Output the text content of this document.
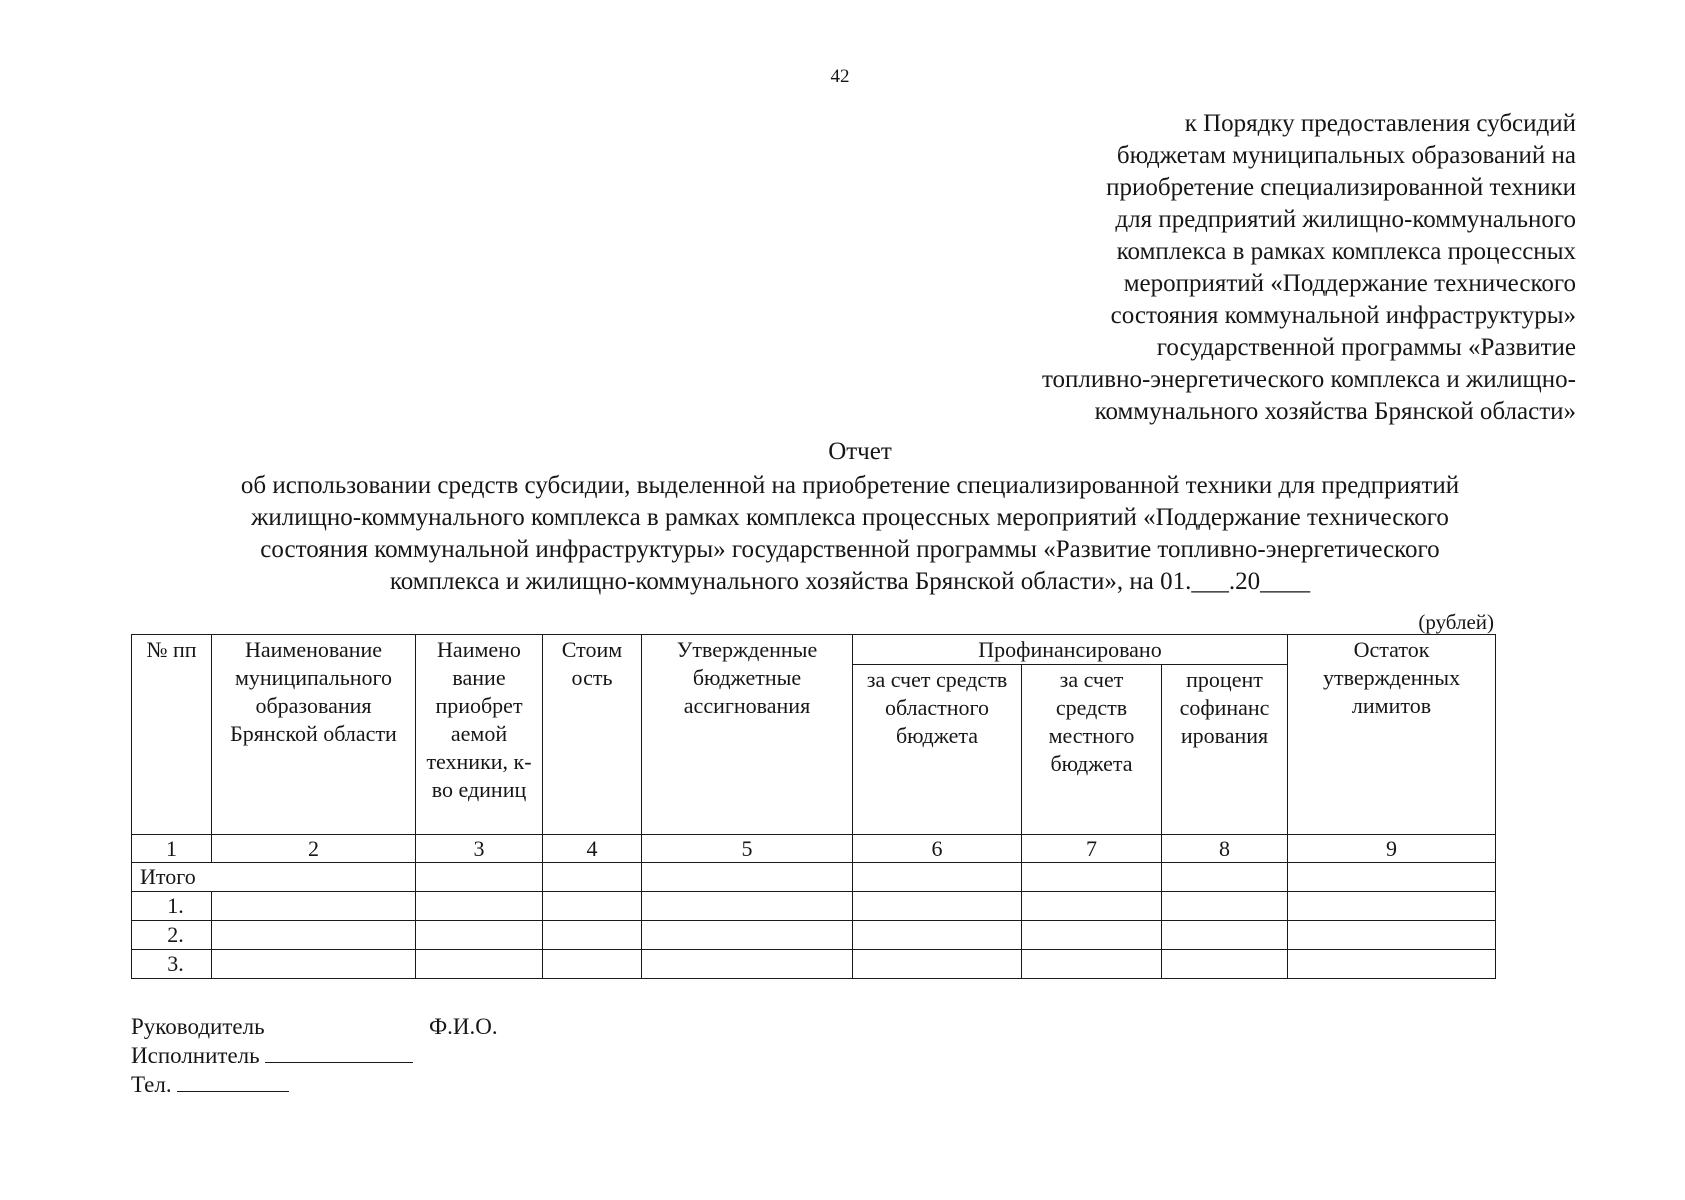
42
к Порядку предоставления субсидий
бюджетам муниципальных образований на
приобретение специализированной техники
для предприятий жилищно-коммунального
комплекса в рамках комплекса процессных
мероприятий «Поддержание технического
состояния коммунальной инфраструктуры»
государственной программы «Развитие
топливно-энергетического комплекса и жилищно-
коммунального хозяйства Брянской области»
Отчет
об использовании средств субсидии, выделенной на приобретение специализированной техники для предприятий
жилищно-коммунального комплекса в рамках комплекса процессных мероприятий «Поддержание технического
состояния коммунальной инфраструктуры» государственной программы «Развитие топливно-энергетического
комплекса и жилищно-коммунального хозяйства Брянской области», на 01.___.20____
(рублей)
№ пп	Наименование муниципального образования Брянской области	Наимено вание приобрет аемой техники, к-во единиц	Стоим ость	Утвержденные бюджетные ассигнования	Профинансировано			Остаток утвержденных лимитов
					за счет средств областного бюджета	за счет средств местного бюджета	процент софинанс ирования	
1	2	3	4	5	6	7	8	9
Итого								
1.								
2.								
3.								
Руководитель	Ф.И.О.
Исполнитель
Тел.
